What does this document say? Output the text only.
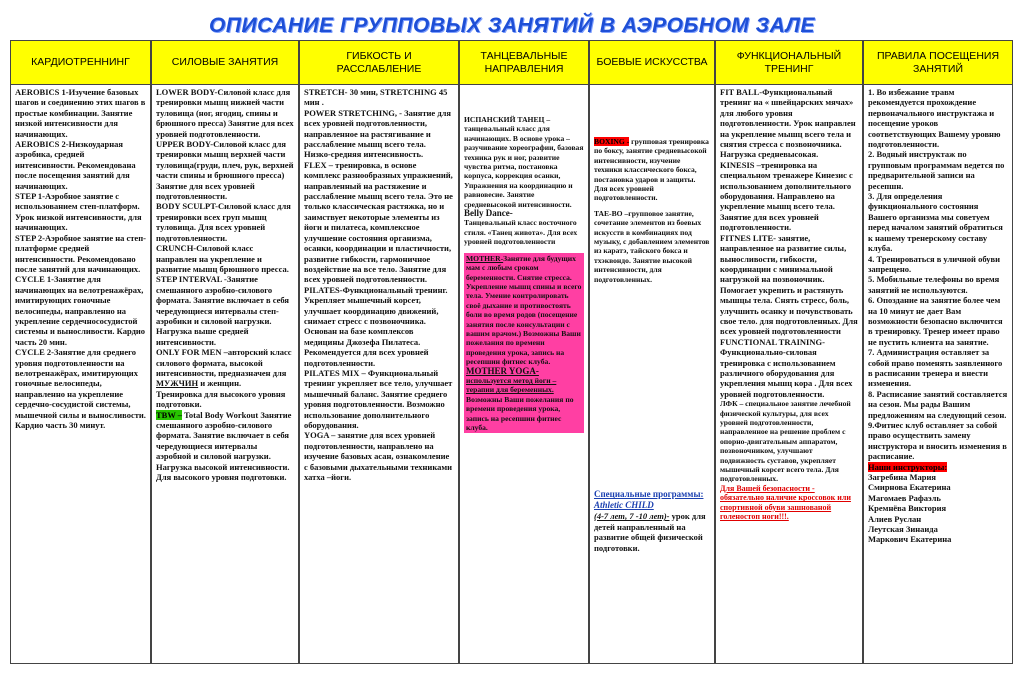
ОПИСАНИЕ ГРУППОВЫХ ЗАНЯТИЙ В АЭРОБНОМ ЗАЛЕ
КАРДИОТРЕННИНГ

AEROBICS 1-Изучение базовых шагов и соединению этих шагов в простые комбинации. Занятие низкой интенсивности для начинающих.

AEROBICS 2-Низкоударная аэробика, средней интенсивности. Рекомендована после посещения занятий для начинающих.

STEP 1-Аэробное занятие с использованием степ-платформ. Урок низкой интенсивности, для начинающих.

STEP 2-Аэробное занятие на степ- платформе средней интенсивности. Рекомендовано после занятий для начинающих.

CYCLE 1-Занятие для начинающих на велотренажёрах, имитирующих гоночные велосипеды, направленно на укрепление сердечнососудистой системы и выносливости. Кардио часть 20 мин.

CYCLE 2-Занятие для среднего уровня подготовленности на велотренажёрах, имитирующих гоночные велосипеды, направленно на укрепление сердечно-сосудистой системы, мышечной силы и выносливости. Кардио часть 30 минут.

СИЛОВЫЕ ЗАНЯТИЯ

LOWER BODY-Силовой класс для тренировки мышц нижней части туловища (ног, ягодиц, спины и брюшного пресса) Занятие для всех уровней подготовленности.

UPPER BODY-Силовой класс для тренировки мышц верхней части туловища(груди, плеч, рук, верхней части спины и брюшного пресса) Занятие для всех уровней подготовленности.

BODY SCULPT-Силовой класс для тренировки всех груп мышц туловища. Для всех уровней подготовленности.

CRUNCH-Силовой класс направлен на укрепление и развитие мышц брюшного пресса.

STEP INTERVAL -Занятие смешанного аэробно-силового формата. Занятие включает в себя чередующиеся интервалы степ-аэробики и силовой нагрузки. Нагрузка выше средней интенсивности.

ONLY FOR MEN –авторский класс силового формата, высокой интенсивности, предназначен для МУЖЧИН и женщин.

Тренировка для высокого уровня подготовки.

TBW – Total Body Workout Занятие смешанного аэробно-силового формата. Занятие включает в себя чередующиеся интервалы аэробной и силовой нагрузки. Нагрузка высокой интенсивности. Для высокого уровня подготовки.

ГИБКОСТЬ И РАССЛАБЛЕНИЕ

STRETCH- 30 мин, STRETCHING 45 мин .

POWER STRETCHING, - Занятие для всех уровней подготовленности, направленное на растягивание и расслабление мышц всего тела. Низко-средняя интенсивность.

FLEX – тренировка, в основе комплекс разнообразных упражнений, направленный на растяжение и расслабление мышц всего тела. Это не только классическая растяжка, но и заимствует некоторые элементы из йоги и пилатеса, комплексное улучшение состояния организма, осанки, координации и пластичности, развитие гибкости, гармоничное воздействие на все тело. Занятие для всех уровней подготовленности.

PILATES-Функциональный тренинг. Укрепляет мышечный корсет, улучшает координацию движений, снимает стресс с позвоночника. Основан на базе комплексов медицины Джозефа Пилатеса. Рекомендуется для всех уровней подготовленности.

PILATES MIX – Функциональный тренинг укрепляет все тело, улучшает мышечный баланс. Занятие среднего уровня подготовленности. Возможно использование дополнительного оборудования.

YOGA – занятие для всех уровней подготовленности, направлено на изучение базовых асан, ознакомление с базовыми дыхательными техниками хатха –йоги.

ТАНЦЕВАЛЬНЫЕ НАПРАВЛЕНИЯ

ИСПАНСКИЙ ТАНЕЦ – танцевальный класс для начинающих. В основе урока – разучивание хореографии, базовая техника рук и ног, развитие чувства ритма, постановка корпуса, коррекция осанки, Упражнения на координацию и равновесие. Занятие средневысокой интенсивности.

Belly Dance-

Танцевальный класс восточного стиля. «Танец живота». Для всех уровней подготовленности

MOTHER-Занятие для будущих мам с любым сроком беременности. Снятие стресса. Укрепление мышц спины и всего тела. Умение контролировать своё дыхание и противостоять боли во время родов (посещение занятия после консультации с вашим врачом.) Возможны Ваши пожелания по времени проведения урока, запись на ресепшин фитнес клуба.

MOTHER YOGA-используется метод йоги –терапии для беременных. Возможны Ваши пожелания по времени проведения урока, запись на ресепшин фитнес клуба.

БОЕВЫЕ ИСКУССТВА

BOXING - групповая тренировка по боксу, занятие средневысокой интенсивности, изучение техники классического бокса, постановка ударов и защиты. Для всех уровней подготовленности.

TAE-BO –групповое занятие, сочетание элементов из боевых искусств в комбинациях под музыку, с добавлением элементов из каратэ, тайского бокса и тхэквондо. Занятие высокой интенсивности, для подготовленных.

Специальные программы:

Athletic CHILD

(4-7 лет, 7 -10 лет)- урок для детей направленный на развитие общей физической подготовки.

ФУНКЦИОНАЛЬНЫЙ ТРЕНИНГ

FIT BALL-Функциональный тренинг на « швейцарских мячах» для любого уровня подготовленности. Урок направлен на укрепление мышц всего тела и снятия стресса с позвоночника. Нагрузка средневысокая.

KINESIS –тренировка на специальном тренажере Кинезис с использованием дополнительного оборудования. Направлено на укрепление мышц всего тела. Занятие для всех уровней подготовленности.

FITNES LITE- занятие, направленное на развитие силы, выносливости, гибкости, координации с минимальной нагрузкой на позвоночник. Помогает укрепить и растянуть мышцы тела. Снять стресс, боль, улучшить осанку и почувствовать свое тело. для подготовленных. Для всех уровней подготовленности

FUNCTIONAL TRAINING- Функционально-силовая тренировка с использованием различного оборудования для укрепления мышц кора . Для всех уровней подготовленности.

ЛФК – специальное занятие лечебной физической культуры, для всех уровней подготовленности, направленное на решение проблем с опорно-двигательным аппаратом, позвоночником, улучшают подвижность суставов, укрепляет мышечный корсет всего тела. Для подготовленных.

Для Вашей безопасности - обязательно наличие кроссовок или спортивной обуви зашнованой голеностоп ноги!!!.

ПРАВИЛА ПОСЕЩЕНИЯ ЗАНЯТИЙ

1. Во избежание травм рекомендуется прохождение первоначального инструктажа и посещение уроков соответствующих Вашему уровню подготовленности.

2. Водный инструктаж по групповым программам ведется по предварительной записи на ресепшн.

3. Для определения функционального состояния Вашего организма мы советуем перед началом занятий обратиться к нашему тренерскому составу клуба.

4. Тренироваться в уличной обуви запрещено.

5. Мобильные телефоны во время занятий не используются.

6. Опоздание на занятие более чем на 10 минут не дает Вам возможности безопасно включится в тренировку. Тренер имеет право не пустить клиента на занятие.

7. Администрация оставляет за собой право поменять заявленного в расписании тренера и внести изменения.

8. Расписание занятий составляется на сезон. Мы рады Вашим предложениям на следующий сезон.

9.Фитнес клуб оставляет за собой право осуществить замену инструктора и вносить изменения в расписание.

Наши инструкторы:

Загребина Мария

Смирнова Екатерина

Магомаев Рафаэль

Кремнёва Виктория

Алиев Руслан

Леутская Зинаида

Маркович Екатерина
